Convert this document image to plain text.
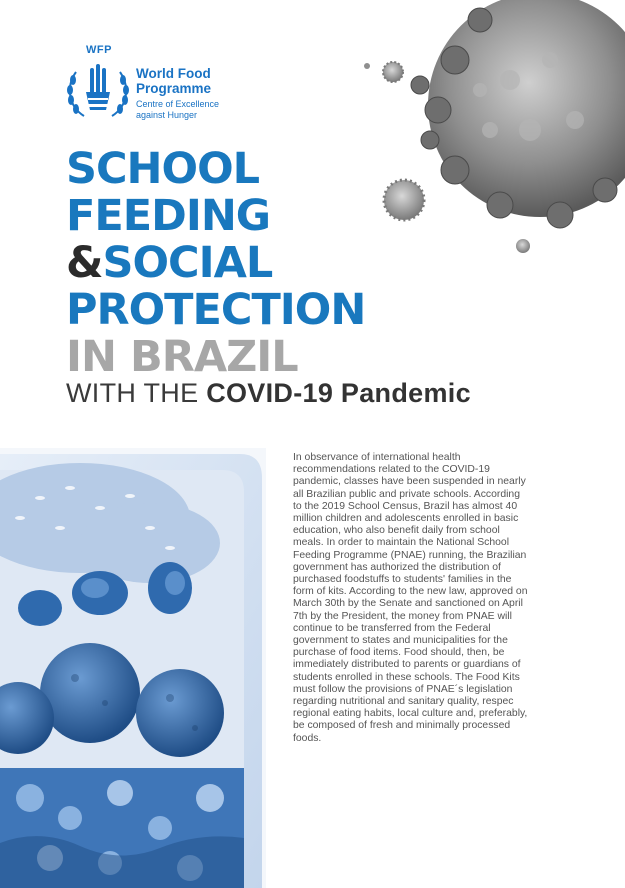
WFP
World Food
Programme
Centre of Excellence
against Hunger
SCHOOL
FEEDING
&SOCIAL
PROTECTION
IN BRAZIL
WITH THE COVID-19 Pandemic

In observance of international health recommendations related to the COVID-19 pandemic, classes have been suspended in nearly all Brazilian public and private schools. According to the 2019 School Census, Brazil has almost 40 million children and adolescents enrolled in basic education, who also benefit daily from school meals. In order to maintain the National School Feeding Programme (PNAE) running, the Brazilian government has authorized the distribution of purchased foodstuffs to students' families in the form of kits. According to the new law, approved on March 30th by the Senate and sanctioned on April 7th by the President, the money from PNAE will continue to be transferred from the Federal government to states and municipalities for the purchase of food items. Food should, then, be immediately distributed to parents or guardians of students enrolled in these schools. The Food Kits must follow the provisions of PNAE´s legislation regarding nutritional and sanitary quality, respec regional eating habits, local culture and, preferably, be composed of fresh and minimally processed foods.
